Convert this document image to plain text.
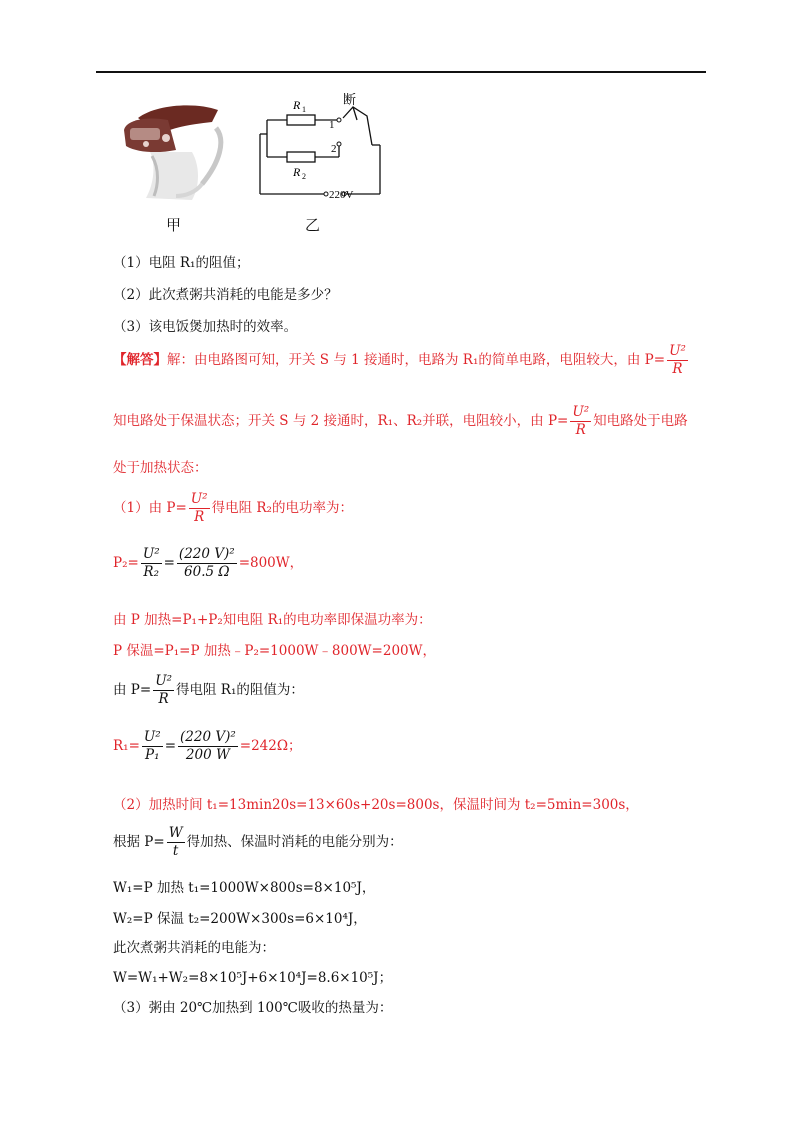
甲
R 1
R 2
断
1
2
220V
乙
（1）电阻 R₁的阻值；
（2）此次煮粥共消耗的电能是多少？
（3）该电饭煲加热时的效率。
【解答】解：由电路图可知，开关 S 与 1 接通时，电路为 R₁的简单电路，电阻较大，由 $P= \frac{\text{U²}}{R}$
知电路处于保温状态；开关 S 与 2 接通时，R₁、R₂并联，电阻较小，由 $P= \frac{\text{U²}}{R}$ 知电路处于电路
处于加热状态：
（1）由 $P= \frac{\text{U²}}{R}$ 得电阻 R₂的电功率为：
$P_2= \frac{\text{U²}}{\text{R₂}} = \frac{\text{(220 V)²}}{60.5 \Omega} =800W$，
由 P 加热=P₁+P₂知电阻 R₁的电功率即保温功率为：
P 保温=P₁=P 加热﹣P₂=1000W﹣800W=200W，
由 $P= \frac{\text{U²}}{R}$ 得电阻 R₁的阻值为：
$R_1= \frac{\text{U²}}{\text{P₁}} = \frac{\text{(220 V)²}}{200 W} =242\Omega$；
（2）加热时间 t₁=13min20s=13×60s+20s=800s，保温时间为 t₂=5min=300s，
根据 $P= \frac{W}{t}$ 得加热、保温时消耗的电能分别为：
W₁=P 加热 t₁=1000W×800s=8×10⁵J，
W₂=P 保温 t₂=200W×300s=6×10⁴J，
此次煮粥共消耗的电能为：
W=W₁+W₂=8×10⁵J+6×10⁴J=8.6×10⁵J；
（3）粥由 20℃加热到 100℃吸收的热量为：
